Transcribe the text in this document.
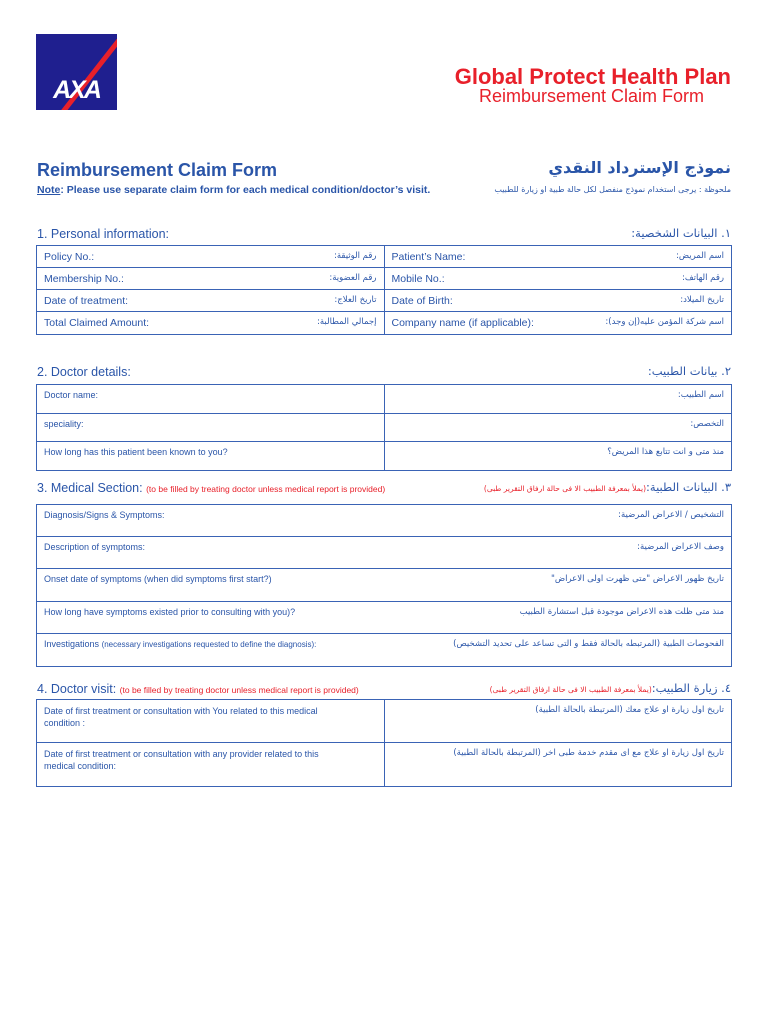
AXA	Global Protect Health Plan
Reimbursement Claim Form
Reimbursement Claim Form	نموذج الإسترداد النقدي
Note: Please use separate claim form for each medical condition/doctor’s visit.	ملحوظة : يرجى استخدام نموذج منفصل لكل حالة طبية او زيارة للطبيب
1. Personal information:	١. البيانات الشخصية:
Policy No.:	رقم الوثيقة: Patient’s Name:	اسم المريض:
Membership No.:	رقم العضوية: Mobile No.:	رقم الهاتف:
Date of treatment:	تاريخ العلاج: Date of Birth:	تاريخ الميلاد:
Total Claimed Amount:	إجمالي المطالبة: Company name (if applicable):	اسم شركة المؤمن عليه(إن وجد):
2. Doctor details:	٢. بيانات الطبيب:
Doctor name:	اسم الطبيب:
speciality:	التخصص:
How long has this patient been known to you?	منذ متى و انت تتابع هذا المريض؟
3. Medical Section: (to be filled by treating doctor unless medical report is provided)	٣. البيانات الطبية:(يملأ بمعرفة الطبيب الا فى حالة ارفاق التقرير طبى)
Diagnosis/Signs & Symptoms:	التشخيص / الاعراض المرضية:
Description of symptoms:	وصف الاعراض المرضية:
Onset date of symptoms (when did symptoms first start?)	تاريخ ظهور الاعراض "متى ظهرت اولى الاعراض"
How long have symptoms existed prior to consulting with you)?	منذ متى ظلت هذه الاعراض موجودة قبل استشارة الطبيب
Investigations (necessary investigations requested to define the diagnosis):	الفحوصات الطبية (المرتبطه بالحالة فقط و التى تساعد على تحديد التشخيص)
4. Doctor visit: (to be filled by treating doctor unless medical report is provided)	٤. زيارة الطبيب:(يملأ بمعرفة الطبيب الا فى حالة ارفاق التقرير طبى)
Date of first treatment or consultation with You related to this medical condition :
تاريخ اول زيارة او علاج معك (المرتبطة بالحالة الطبية)
Date of first treatment or consultation with any provider related to this medical condition:
تاريخ اول زيارة او علاج مع اى مقدم خدمة طبى اخر (المرتبطة بالحالة الطبية)
